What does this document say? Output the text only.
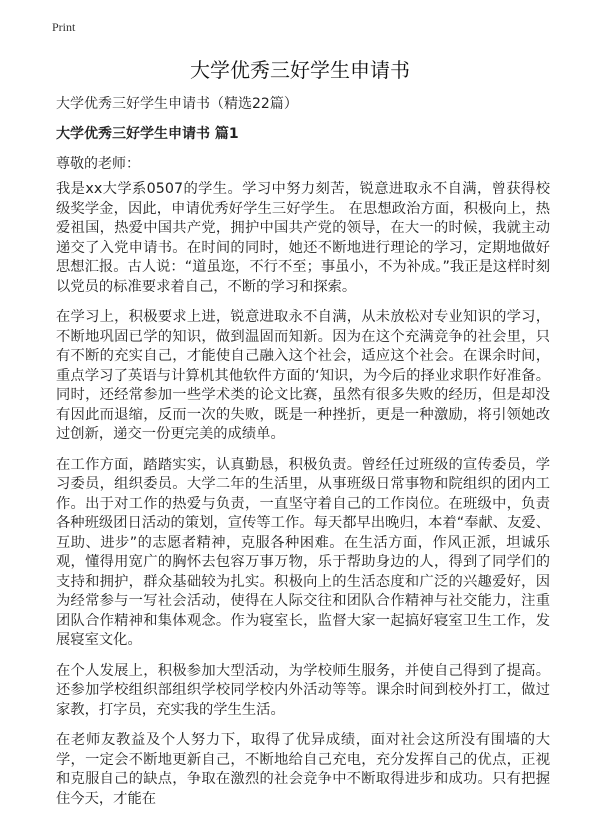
Print
大学优秀三好学生申请书
大学优秀三好学生申请书（精选22篇）
大学优秀三好学生申请书 篇1
尊敬的老师：

我是xx大学系0507的学生。学习中努力刻苦，锐意进取永不自满，曾获得校级奖学金，因此，申请优秀好学生三好学生。 在思想政治方面，积极向上，热爱祖国，热爱中国共产党，拥护中国共产党的领导，在大一的时候，我就主动递交了入党申请书。在时间的同时，她还不断地进行理论的学习，定期地做好思想汇报。古人说：“道虽迩，不行不至；事虽小，不为补成。”我正是这样时刻以党员的标准要求着自己，不断的学习和探索。

在学习上，积极要求上进，锐意进取永不自满，从未放松对专业知识的学习，不断地巩固已学的知识，做到温固而知新。因为在这个充满竞争的社会里，只有不断的充实自己，才能使自己融入这个社会，适应这个社会。在课余时间，重点学习了英语与计算机其他软件方面的‘知识，为今后的择业求职作好准备。同时，还经常参加一些学术类的论文比赛，虽然有很多失败的经历，但是却没有因此而退缩，反而一次的失败，既是一种挫折，更是一种激励，将引领她改过创新，递交一份更完美的成绩单。

在工作方面，踏踏实实，认真勤恳，积极负责。曾经任过班级的宣传委员，学习委员，组织委员。大学二年的生活里，从事班级日常事物和院组织的团内工作。出于对工作的热爱与负责，一直坚守着自己的工作岗位。在班级中，负责各种班级团日活动的策划，宣传等工作。每天都早出晚归，本着“奉献、友爱、互助、进步”的志愿者精神，克服各种困难。在生活方面，作风正派，坦诚乐观，懂得用宽广的胸怀去包容万事万物，乐于帮助身边的人，得到了同学们的支持和拥护，群众基础较为扎实。积极向上的生活态度和广泛的兴趣爱好，因为经常参与一写社会活动，使得在人际交往和团队合作精神与社交能力，注重团队合作精神和集体观念。作为寝室长，监督大家一起搞好寝室卫生工作，发展寝室文化。

在个人发展上，积极参加大型活动，为学校师生服务，并使自己得到了提高。还参加学校组织部组织学校同学校内外活动等等。课余时间到校外打工，做过家教，打字员，充实我的学生生活。

在老师友教益及个人努力下，取得了优异成绩，面对社会这所没有围墙的大学，一定会不断地更新自己，不断地给自己充电，充分发挥自己的优点，正视和克服自己的缺点，争取在激烈的社会竞争中不断取得进步和成功。只有把握住今天，才能在
